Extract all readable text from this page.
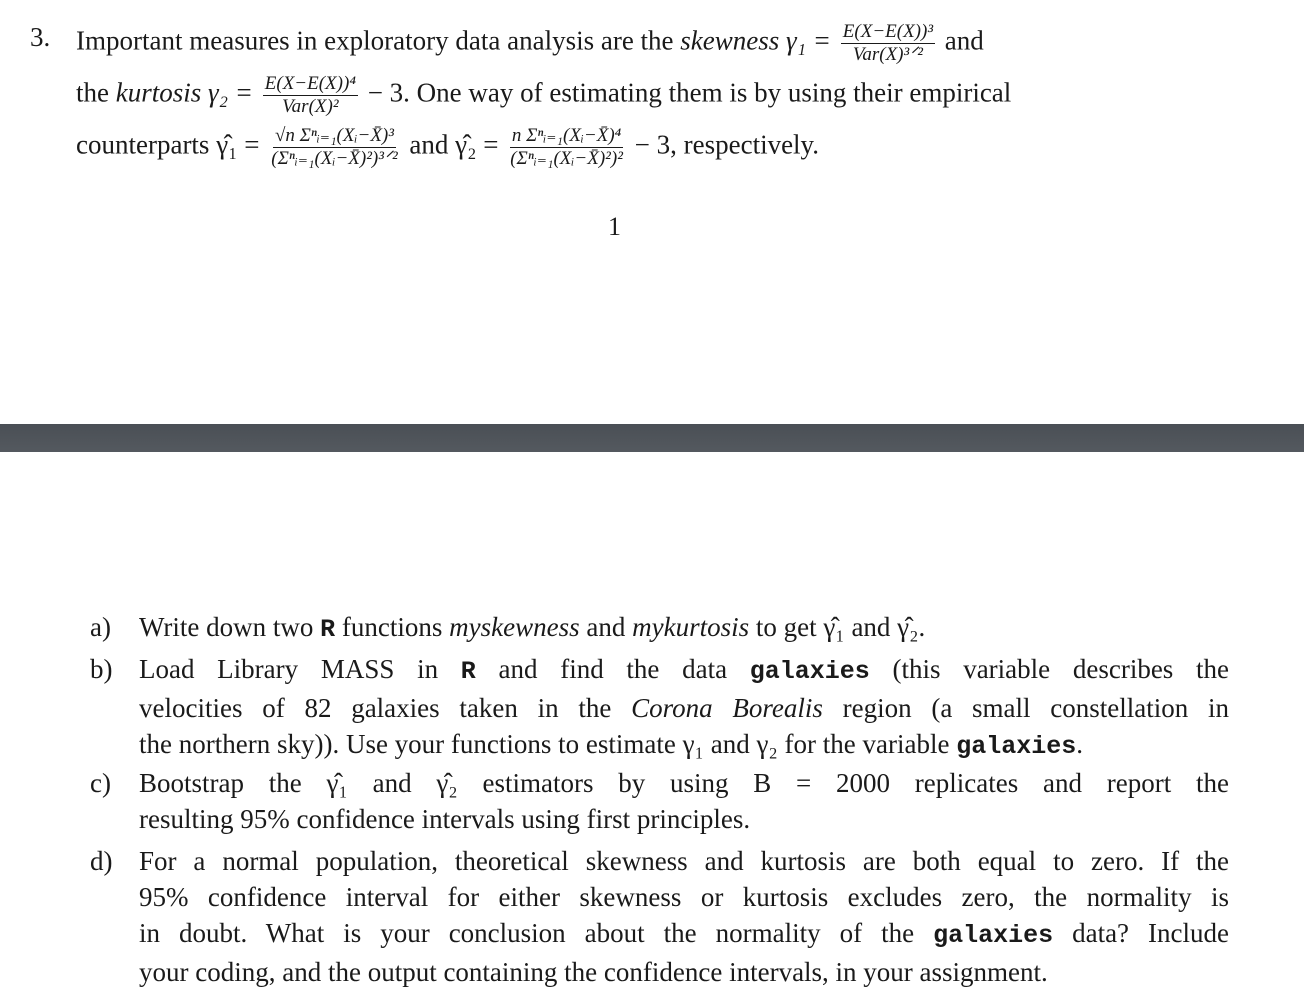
3. Important measures in exploratory data analysis are the skewness $\gamma_1 = \frac{\text{E(X−E(X))³}}{\text{Var(X)³ᐟ²}}$ and
the kurtosis $\gamma_2 = \frac{\text{E(X−E(X))⁴}}{\text{Var(X)²}} - 3$. One way of estimating them is by using their empirical
counterparts γ̂₁ = $\frac{\text{√n Σⁿᵢ₌₁(Xᵢ−X̄)³}}{\text{(Σⁿᵢ₌₁(Xᵢ−X̄)²)³ᐟ²}}$ and γ̂₂ = $\frac{\text{n Σⁿᵢ₌₁(Xᵢ−X̄)⁴}}{\text{(Σⁿᵢ₌₁(Xᵢ−X̄)²)²}} - 3$, respectively.
1
a)	Write down two R functions myskewness and mykurtosis to get γ̂₁ and γ̂₂.

b) Load Library MASS in R and find the data galaxies (this variable describes the

velocities of 82 galaxies taken in the Corona Borealis region (a small constellation in

the northern sky)). Use your functions to estimate γ₁ and γ₂ for the variable galaxies.

c)	Bootstrap the γ̂₁ and γ̂₂ estimators by using B = 2000 replicates and report the

resulting 95% confidence intervals using first principles.

d) For a normal population, theoretical skewness and kurtosis are both equal to zero. If the

95% confidence interval for either skewness or kurtosis excludes zero, the normality is

in doubt. What is your conclusion about the normality of the galaxies data? Include

your coding, and the output containing the confidence intervals, in your assignment.
